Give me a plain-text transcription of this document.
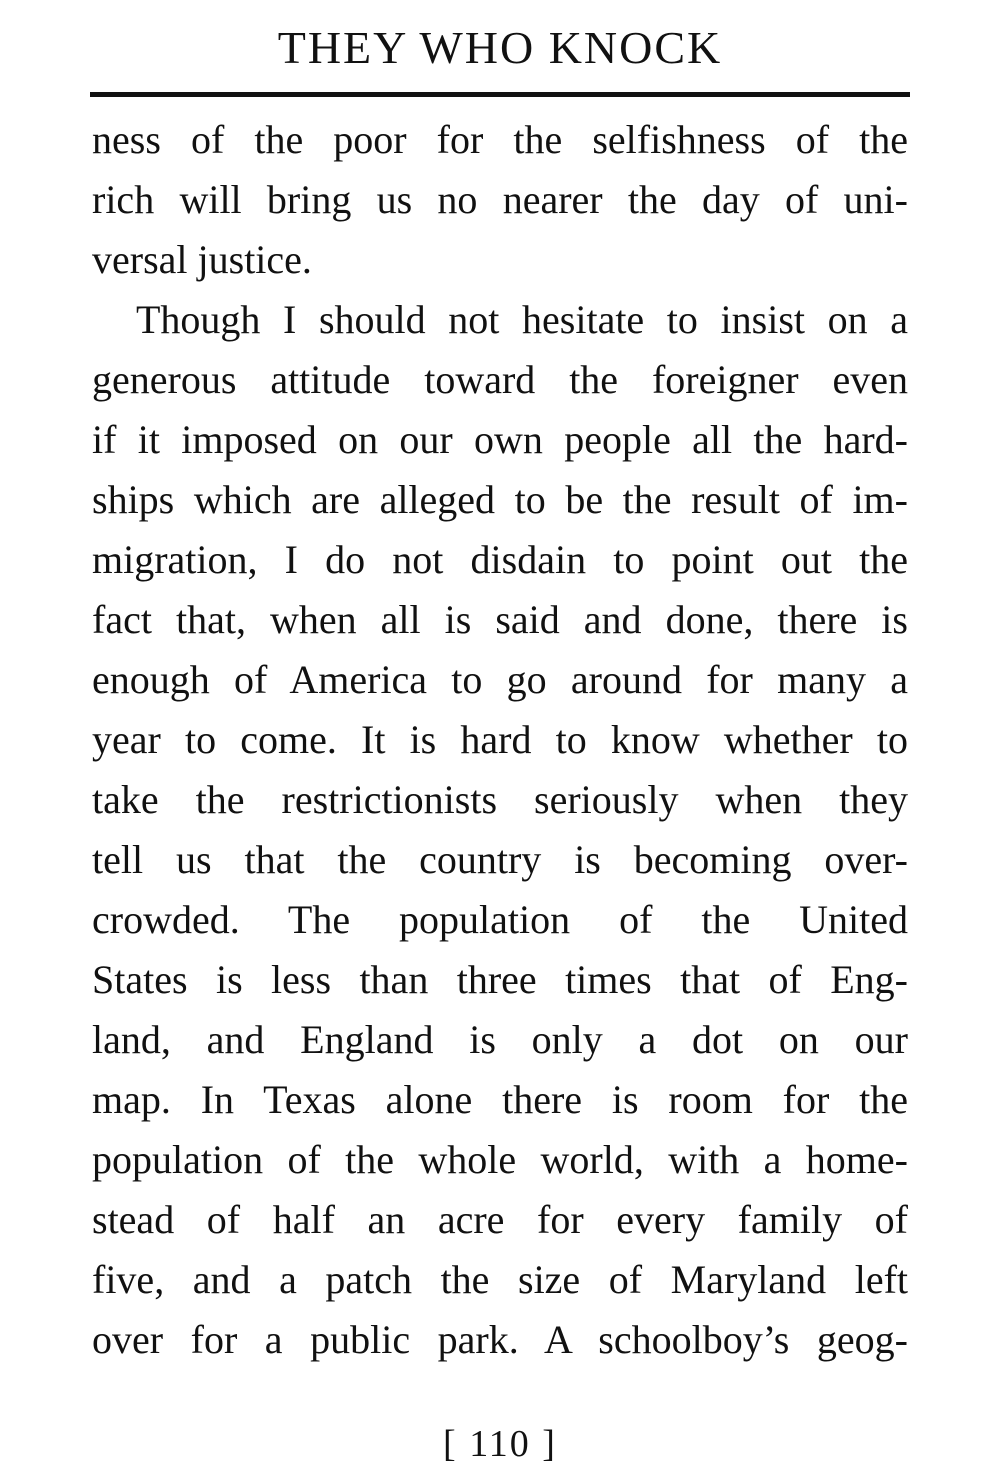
THEY WHO KNOCK
ness of the poor for the selfishness of the
rich will bring us no nearer the day of uni-
versal justice.
Though I should not hesitate to insist on a
generous attitude toward the foreigner even
if it imposed on our own people all the hard-
ships which are alleged to be the result of im-
migration, I do not disdain to point out the
fact that, when all is said and done, there is
enough of America to go around for many a
year to come. It is hard to know whether to
take the restrictionists seriously when they
tell us that the country is becoming over-
crowded. The population of the United
States is less than three times that of Eng-
land, and England is only a dot on our
map. In Texas alone there is room for the
population of the whole world, with a home-
stead of half an acre for every family of
five, and a patch the size of Maryland left
over for a public park. A schoolboy’s geog-
[ 110 ]
